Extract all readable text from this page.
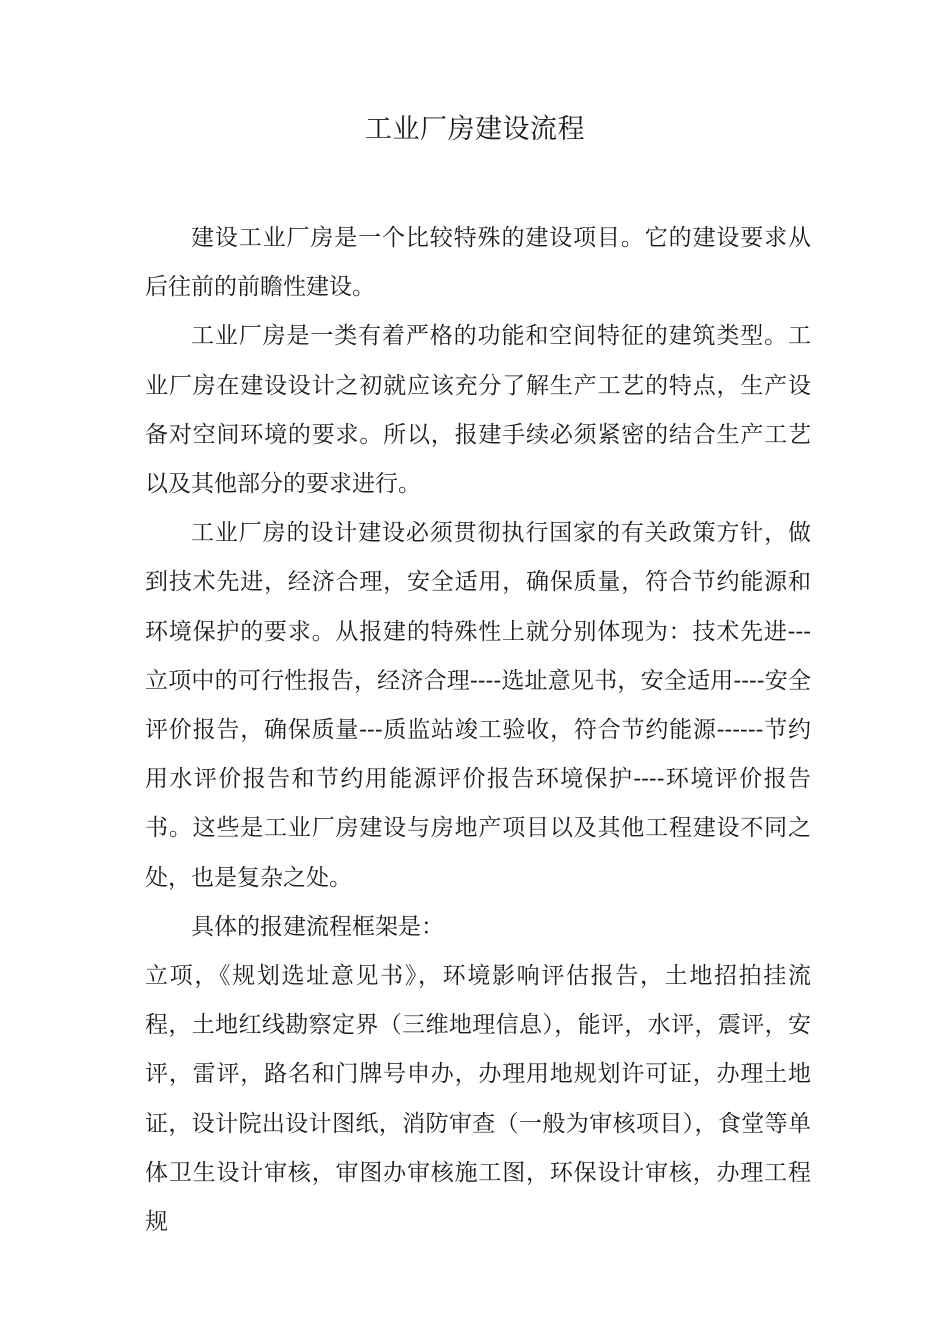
工业厂房建设流程

建设工业厂房是一个比较特殊的建设项目。它的建设要求从后往前的前瞻性建设。

工业厂房是一类有着严格的功能和空间特征的建筑类型。工业厂房在建设设计之初就应该充分了解生产工艺的特点，生产设备对空间环境的要求。所以，报建手续必须紧密的结合生产工艺以及其他部分的要求进行。

工业厂房的设计建设必须贯彻执行国家的有关政策方针，做到技术先进，经济合理，安全适用，确保质量，符合节约能源和环境保护的要求。从报建的特殊性上就分别体现为：技术先进---立项中的可行性报告，经济合理----选址意见书，安全适用----安全评价报告，确保质量---质监站竣工验收，符合节约能源------节约用水评价报告和节约用能源评价报告环境保护----环境评价报告书。这些是工业厂房建设与房地产项目以及其他工程建设不同之处，也是复杂之处。

具体的报建流程框架是：

立项，《规划选址意见书》，环境影响评估报告，土地招拍挂流程，土地红线勘察定界（三维地理信息），能评，水评，震评，安评，雷评，路名和门牌号申办，办理用地规划许可证，办理土地证，设计院出设计图纸，消防审查（一般为审核项目），食堂等单体卫生设计审核，审图办审核施工图，环保设计审核，办理工程规
